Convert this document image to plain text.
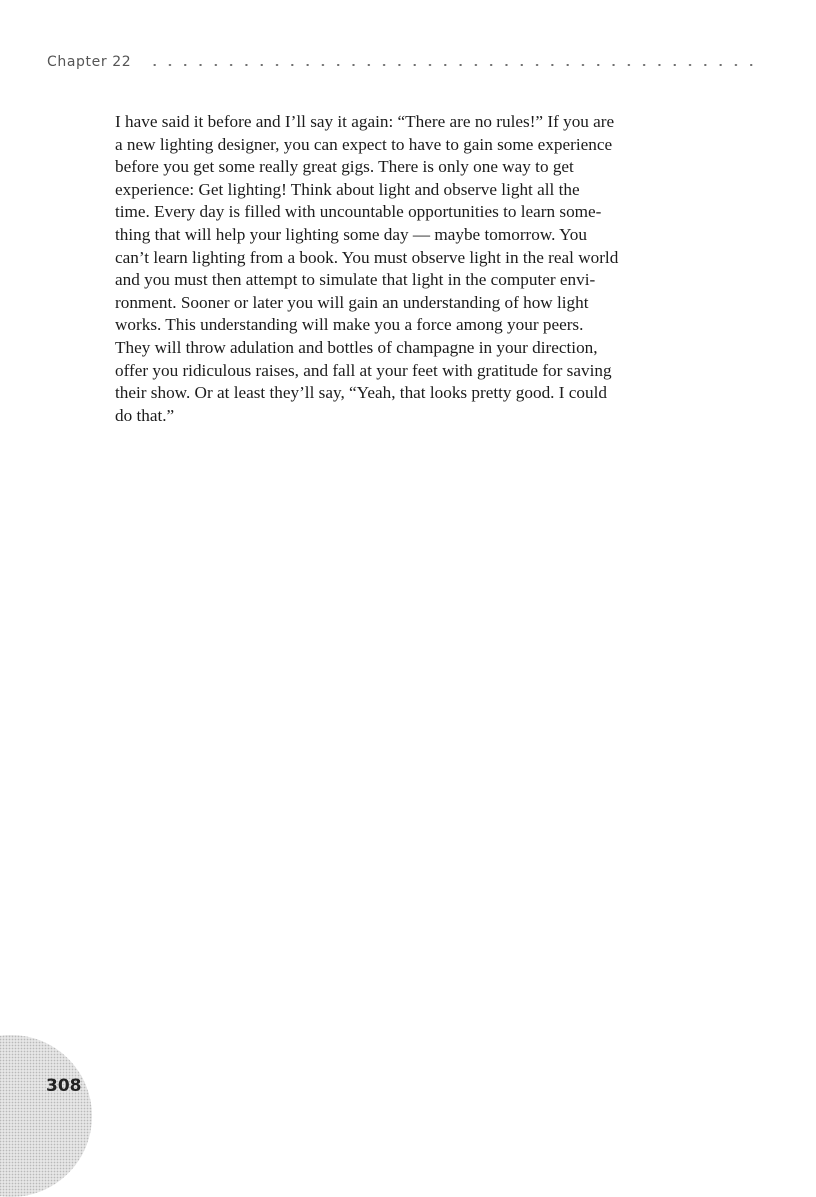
Chapter 22

I have said it before and I’ll say it again: “There are no rules!” If you are
a new lighting designer, you can expect to have to gain some experience
before you get some really great gigs. There is only one way to get
experience: Get lighting! Think about light and observe light all the
time. Every day is filled with uncountable opportunities to learn some-
thing that will help your lighting some day — maybe tomorrow. You
can’t learn lighting from a book. You must observe light in the real world
and you must then attempt to simulate that light in the computer envi-
ronment. Sooner or later you will gain an understanding of how light
works. This understanding will make you a force among your peers.
They will throw adulation and bottles of champagne in your direction,
offer you ridiculous raises, and fall at your feet with gratitude for saving
their show. Or at least they’ll say, “Yeah, that looks pretty good. I could
do that.”

308
